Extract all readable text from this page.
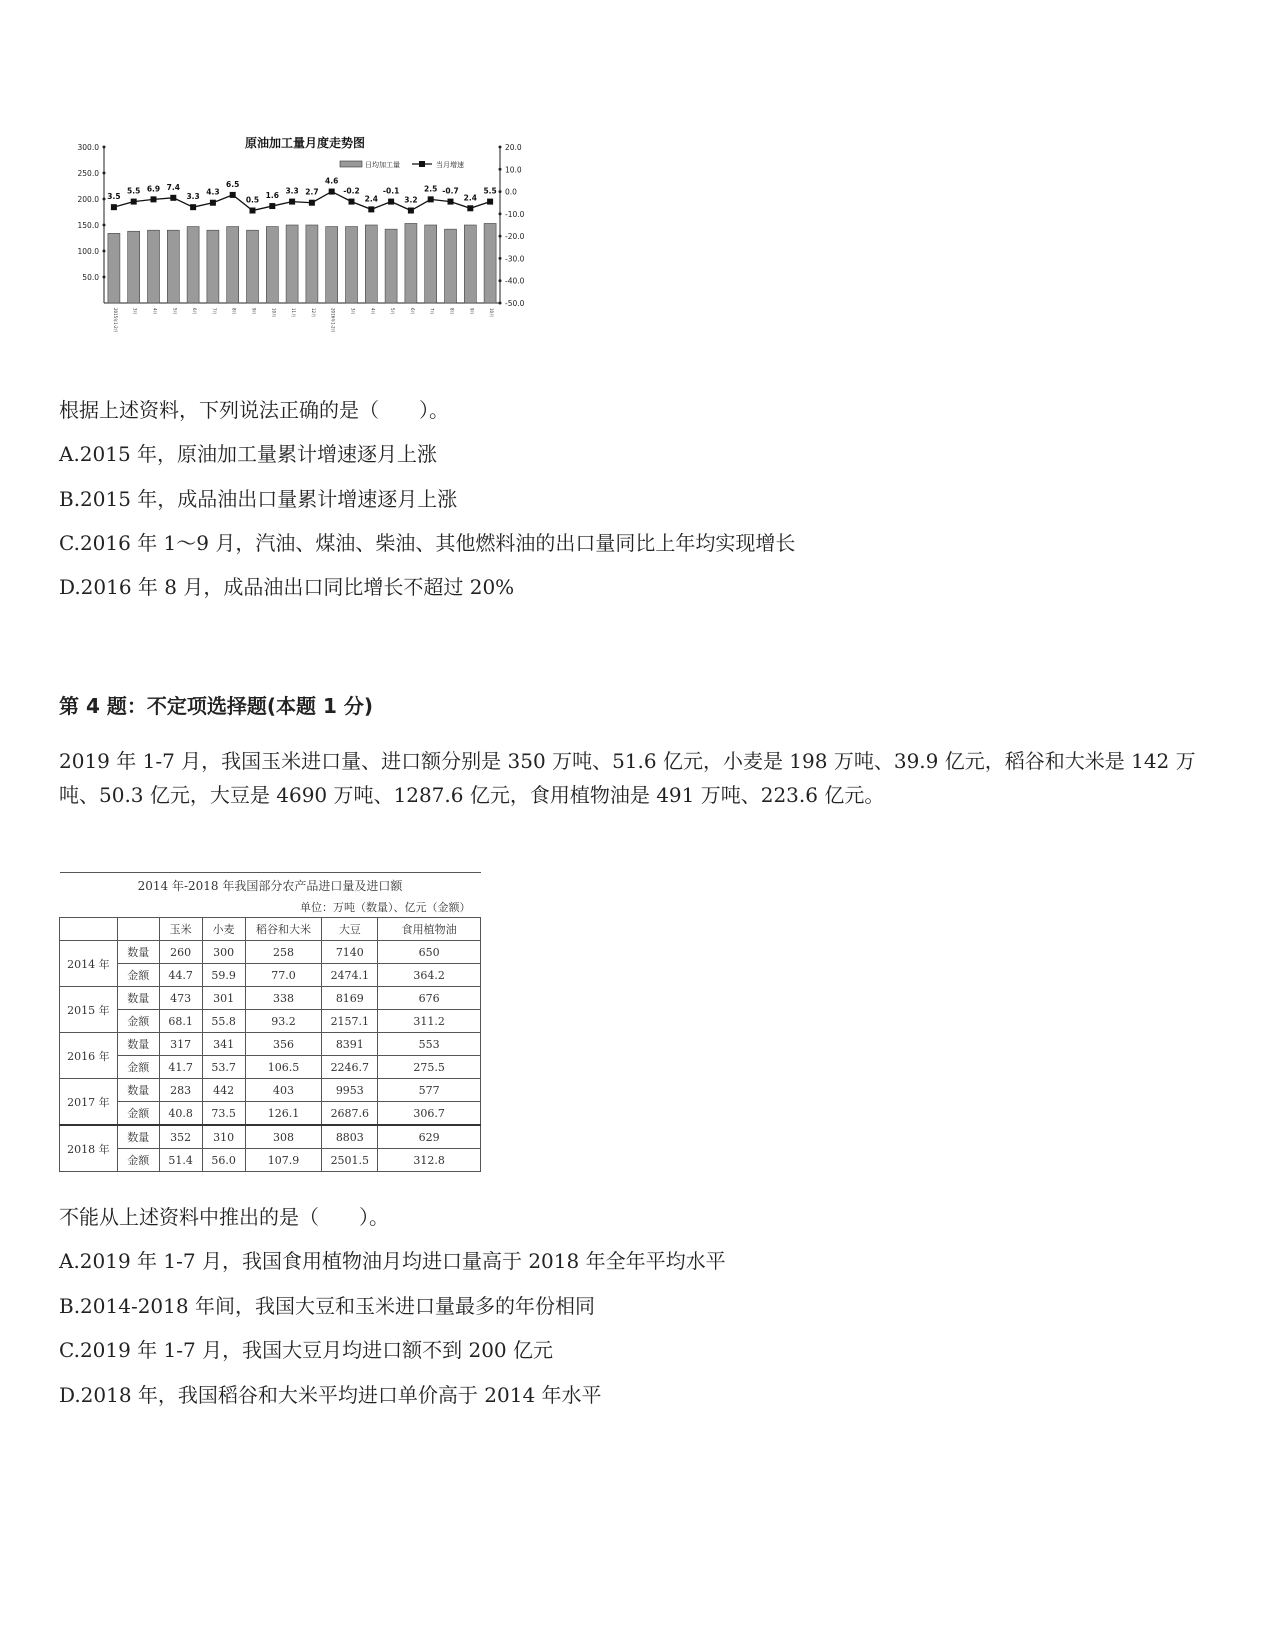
原油加工量月度走势图
日均加工量	当月增速
300.0
250.0
200.0
150.0
100.0
50.0
20.0
10.0
0.0
-10.0
-20.0
-30.0
-40.0
-50.0
2015年1-2月	3月	4月	5月	6月	7月	8月	9月	10月	11月	12月	2016年1-2月	3月	4月	5月	6月	7月	8月	9月	10月
3.5
5.5 6.9 7.4
3.3 4.3
6.5
0.5 1.6 3.3 2.7
4.6
-0.2
2.4
-0.1
3.2
2.5 -0.7
2.4
5.5
根据上述资料，下列说法正确的是（　　）。
A.2015 年，原油加工量累计增速逐月上涨
B.2015 年，成品油出口量累计增速逐月上涨
C.2016 年 1～9 月，汽油、煤油、柴油、其他燃料油的出口量同比上年均实现增长
D.2016 年 8 月，成品油出口同比增长不超过 20%
第 4 题：不定项选择题(本题 1 分)
2019 年 1-7 月，我国玉米进口量、进口额分别是 350 万吨、51.6 亿元，小麦是 198 万吨、39.9 亿元，稻谷和大米是 142 万吨、50.3 亿元，大豆是 4690 万吨、1287.6 亿元，食用植物油是 491 万吨、223.6 亿元。
2014 年-2018 年我国部分农产品进口量及进口额						
单位：万吨（数量）、亿元（金额）						
		玉米	小麦	稻谷和大米	大豆	食用植物油
2014 年	数量	260	300	258	7140	650
	金额	44.7	59.9	77.0	2474.1	364.2
2015 年	数量	473	301	338	8169	676
	金额	68.1	55.8	93.2	2157.1	311.2
2016 年	数量	317	341	356	8391	553
	金额	41.7	53.7	106.5	2246.7	275.5
2017 年	数量	283	442	403	9953	577
	金额	40.8	73.5	126.1	2687.6	306.7
2018 年	数量	352	310	308	8803	629
	金额	51.4	56.0	107.9	2501.5	312.8
不能从上述资料中推出的是（　　）。
A.2019 年 1-7 月，我国食用植物油月均进口量高于 2018 年全年平均水平
B.2014-2018 年间，我国大豆和玉米进口量最多的年份相同
C.2019 年 1-7 月，我国大豆月均进口额不到 200 亿元
D.2018 年，我国稻谷和大米平均进口单价高于 2014 年水平
